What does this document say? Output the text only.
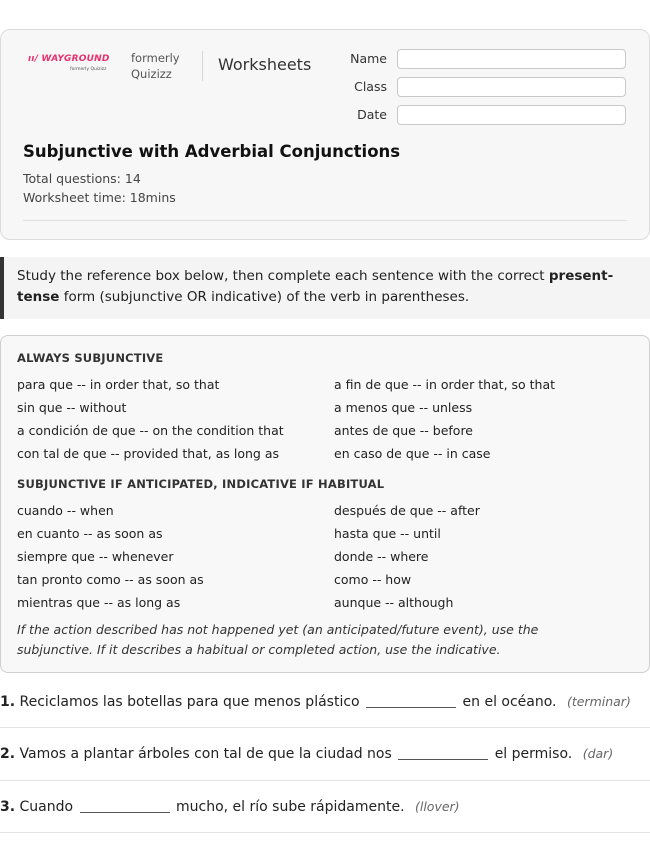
ıı/ WAYGROUND
formerly Quizizz
formerly
Quizizz	Worksheets	Name
Class
Date
Subjunctive with Adverbial Conjunctions
Total questions: 14
Worksheet time: 18mins
Study the reference box below, then complete each sentence with the correct present-tense form (subjunctive OR indicative) of the verb in parentheses.
ALWAYS SUBJUNCTIVE
para que -- in order that, so that	a fin de que -- in order that, so that
sin que -- without	a menos que -- unless
a condición de que -- on the condition that	antes de que -- before
con tal de que -- provided that, as long as	en caso de que -- in case
SUBJUNCTIVE IF ANTICIPATED, INDICATIVE IF HABITUAL
cuando -- when	después de que -- after
en cuanto -- as soon as	hasta que -- until
siempre que -- whenever	donde -- where
tan pronto como -- as soon as	como -- how
mientras que -- as long as	aunque -- although
If the action described has not happened yet (an anticipated/future event), use the subjunctive. If it describes a habitual or completed action, use the indicative.
1. Reciclamos las botellas para que menos plástico	en el océano. (terminar)
2. Vamos a plantar árboles con tal de que la ciudad nos	el permiso. (dar)
3. Cuando	mucho, el río sube rápidamente. (llover)
